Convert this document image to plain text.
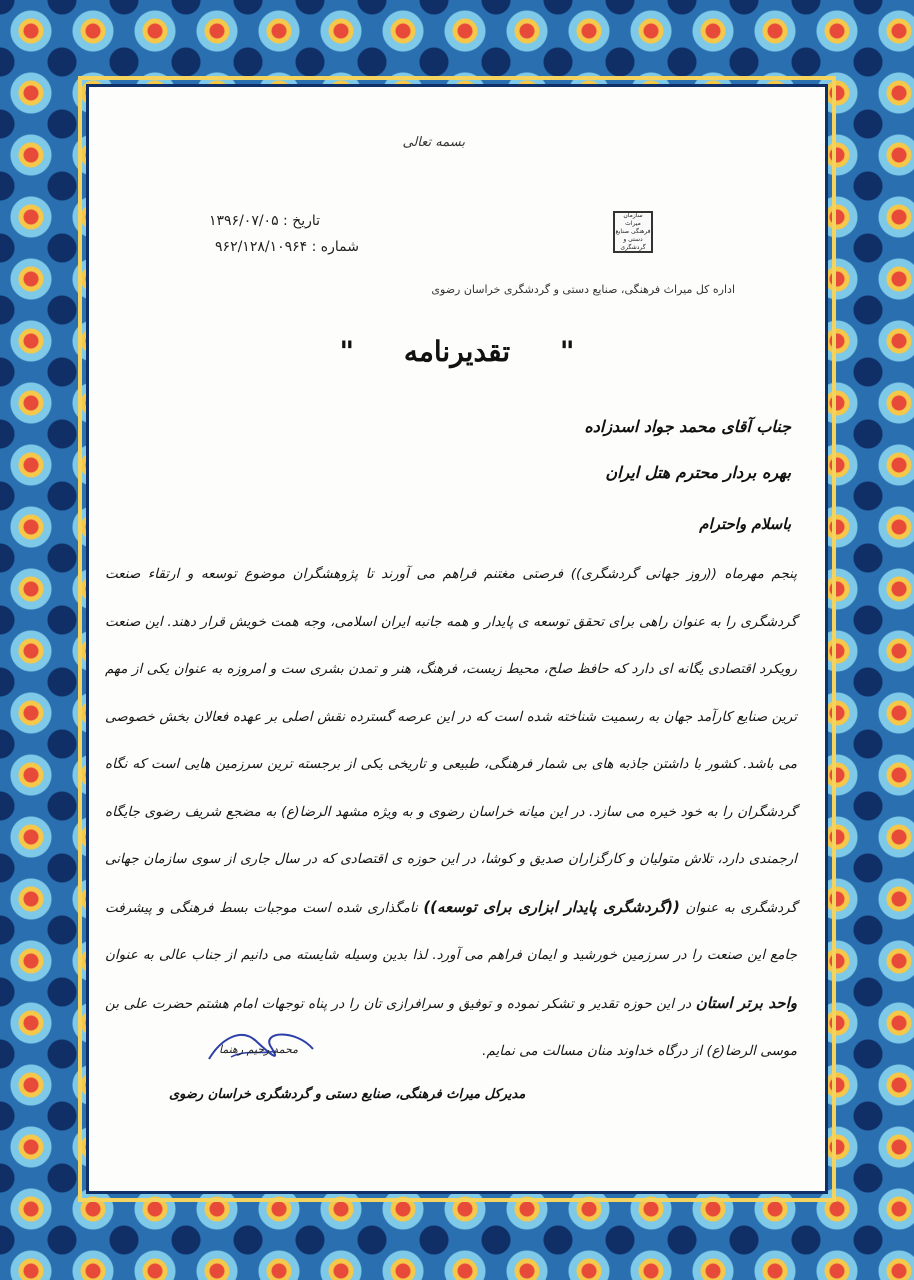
بسمه تعالی
تاریخ : ۱۳۹۶/۰۷/۰۵
شماره : ۹۶۲/۱۲۸/۱۰۹۶۴
سازمان میراث فرهنگی صنایع دستی و گردشگری
اداره کل میراث فرهنگی، صنایع دستی و گردشگری خراسان رضوی
" تقدیرنامه "
جناب آقای محمد جواد اسدزاده
بهره بردار محترم هتل ایران
باسلام واحترام
پنجم مهرماه ((روز جهانی گردشگری)) فرصتی مغتنم فراهم می آورند تا پژوهشگران موضوع توسعه و ارتقاء صنعت گردشگری را به عنوان راهی برای تحقق توسعه ی پایدار و همه جانبه ایران اسلامی، وجه همت خویش قرار دهند. این صنعت رویکرد اقتصادی یگانه ای دارد که حافظ صلح، محیط زیست، فرهنگ، هنر و تمدن بشری ست و امروزه به عنوان یکی از مهم ترین صنایع کارآمد جهان به رسمیت شناخته شده است که در این عرصه گسترده نقش اصلی بر عهده فعالان بخش خصوصی می باشد. کشور با داشتن جاذبه های بی شمار فرهنگی، طبیعی و تاریخی یکی از برجسته ترین سرزمین هایی است که نگاه گردشگران را به خود خیره می سازد. در این میانه خراسان رضوی و به ویژه مشهد الرضا(ع) به مضجع شریف رضوی جایگاه ارجمندی دارد، تلاش متولیان و کارگزاران صدیق و کوشا، در این حوزه ی اقتصادی که در سال جاری از سوی سازمان جهانی گردشگری به عنوان ((گردشگری پایدار ابزاری برای توسعه)) نامگذاری شده است موجبات بسط فرهنگی و پیشرفت جامع این صنعت را در سرزمین خورشید و ایمان فراهم می آورد. لذا بدین وسیله شایسته می دانیم از جناب عالی به عنوان واحد برتر استان در این حوزه تقدیر و تشکر نموده و توفیق و سرافرازی تان را در پناه توجهات امام هشتم حضرت علی بن موسی الرضا(ع) از درگاه خداوند منان مسالت می نمایم.
محمد رحیم رهنما
مدیرکل میراث فرهنگی، صنایع دستی و گردشگری خراسان رضوی
